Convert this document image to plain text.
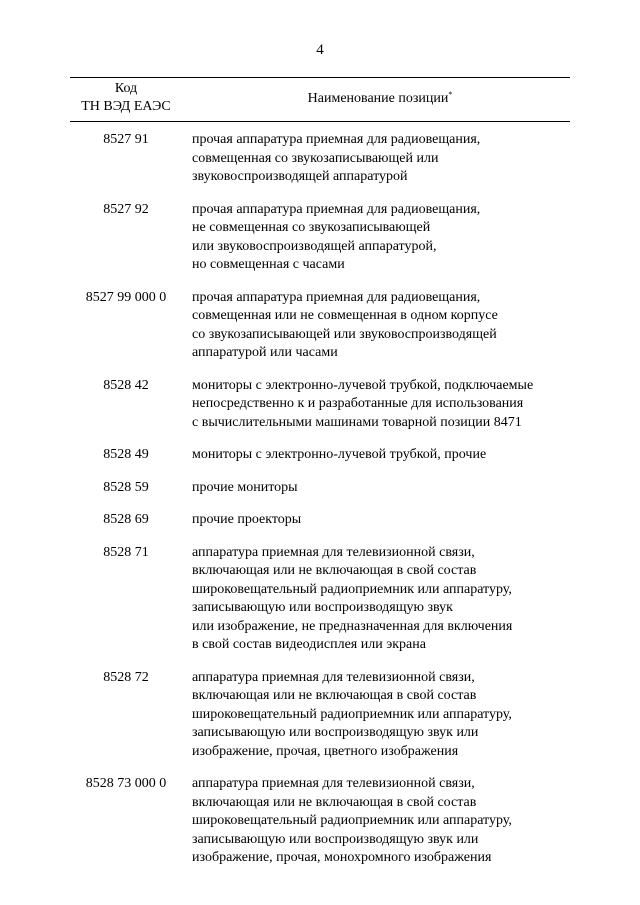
4
Код
ТН ВЭД ЕАЭС
Наименование позиции*
8527 91	прочая аппаратура приемная для радиовещания,
совмещенная со звукозаписывающей или
звуковоспроизводящей аппаратурой
8527 92	прочая аппаратура приемная для радиовещания,
не совмещенная со звукозаписывающей
или звуковоспроизводящей аппаратурой,
но совмещенная с часами
8527 99 000 0	прочая аппаратура приемная для радиовещания,
совмещенная или не совмещенная в одном корпусе
со звукозаписывающей или звуковоспроизводящей
аппаратурой или часами
8528 42	мониторы с электронно-лучевой трубкой, подключаемые
непосредственно к и разработанные для использования
с вычислительными машинами товарной позиции 8471
8528 49	мониторы с электронно-лучевой трубкой, прочие
8528 59	прочие мониторы
8528 69	прочие проекторы
8528 71	аппаратура приемная для телевизионной связи,
включающая или не включающая в свой состав
широковещательный радиоприемник или аппаратуру,
записывающую или воспроизводящую звук
или изображение, не предназначенная для включения
в свой состав видеодисплея или экрана
8528 72	аппаратура приемная для телевизионной связи,
включающая или не включающая в свой состав
широковещательный радиоприемник или аппаратуру,
записывающую или воспроизводящую звук или
изображение, прочая, цветного изображения
8528 73 000 0	аппаратура приемная для телевизионной связи,
включающая или не включающая в свой состав
широковещательный радиоприемник или аппаратуру,
записывающую или воспроизводящую звук или
изображение, прочая, монохромного изображения
